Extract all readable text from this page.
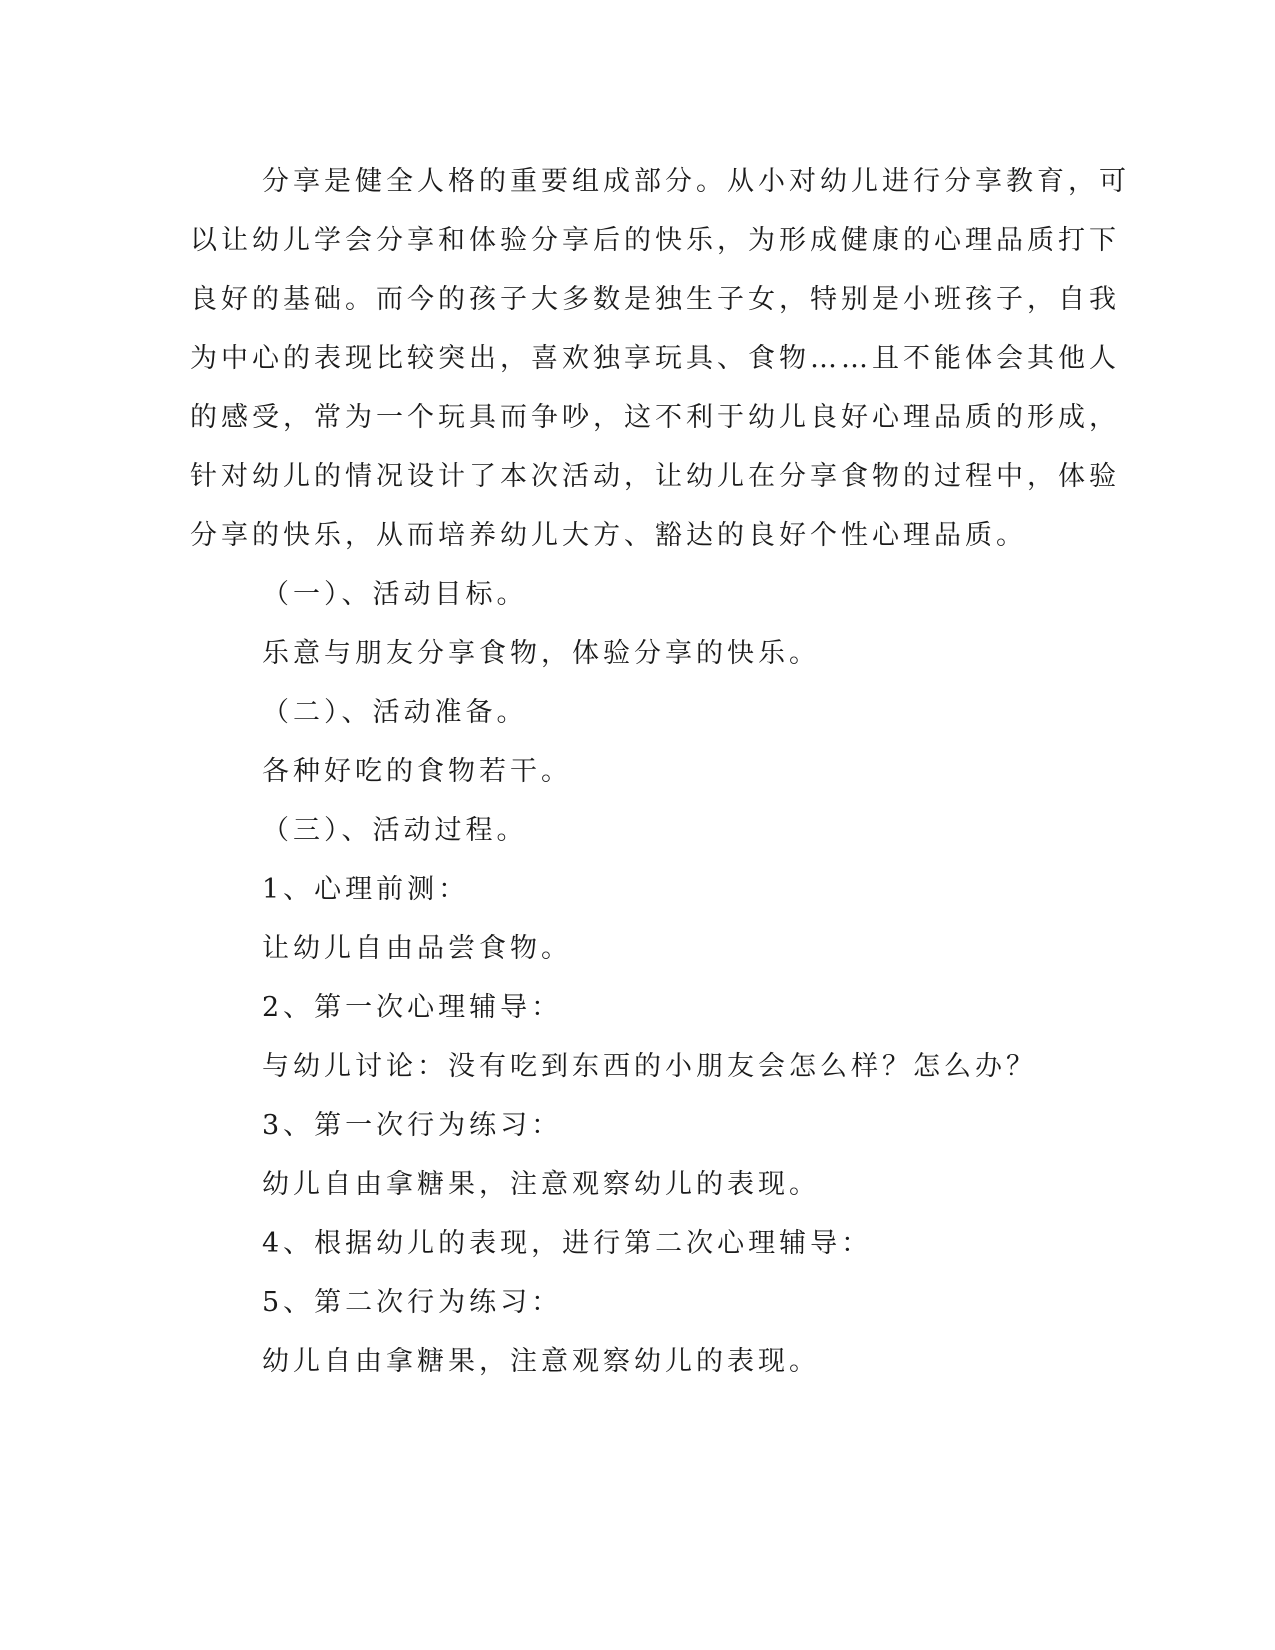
分享是健全人格的重要组成部分。从小对幼儿进行分享教育，可
以让幼儿学会分享和体验分享后的快乐，为形成健康的心理品质打下
良好的基础。而今的孩子大多数是独生子女，特别是小班孩子，自我
为中心的表现比较突出，喜欢独享玩具、食物……且不能体会其他人
的感受，常为一个玩具而争吵，这不利于幼儿良好心理品质的形成，
针对幼儿的情况设计了本次活动，让幼儿在分享食物的过程中，体验
分享的快乐，从而培养幼儿大方、豁达的良好个性心理品质。
（一）、活动目标。
乐意与朋友分享食物，体验分享的快乐。
（二）、活动准备。
各种好吃的食物若干。
（三）、活动过程。
1、心理前测：
让幼儿自由品尝食物。
2、第一次心理辅导：
与幼儿讨论：没有吃到东西的小朋友会怎么样？怎么办？
3、第一次行为练习：
幼儿自由拿糖果，注意观察幼儿的表现。
4、根据幼儿的表现，进行第二次心理辅导：
5、第二次行为练习：
幼儿自由拿糖果，注意观察幼儿的表现。
